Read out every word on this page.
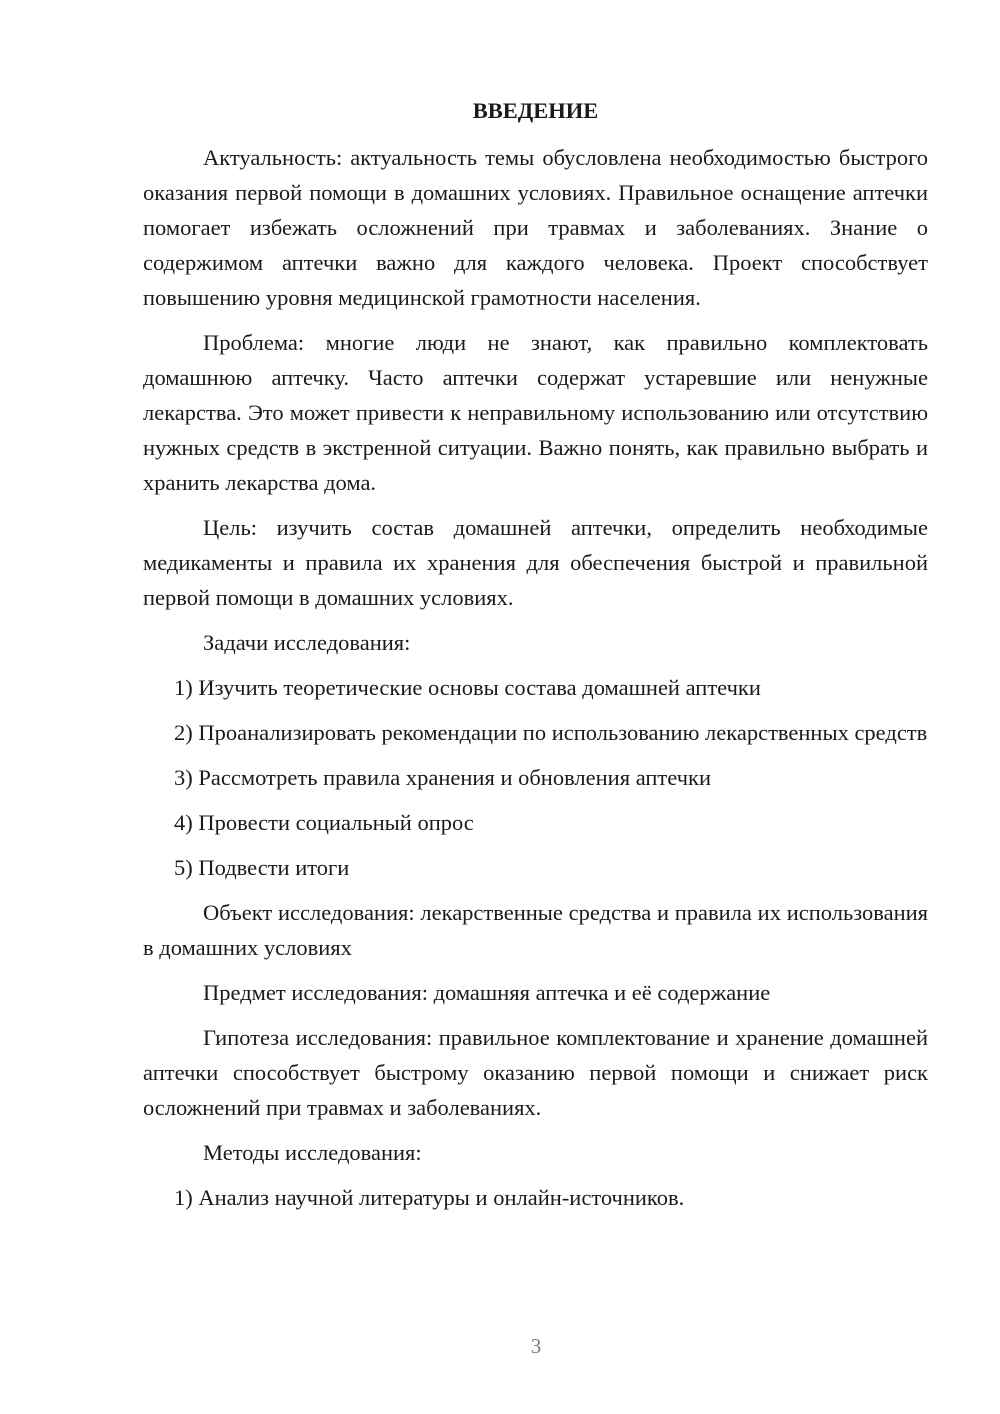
ВВЕДЕНИЕ

Актуальность: актуальность темы обусловлена необходимостью быстрого оказания первой помощи в домашних условиях. Правильное оснащение аптечки помогает избежать осложнений при травмах и заболеваниях. Знание о содержимом аптечки важно для каждого человека. Проект способствует повышению уровня медицинской грамотности населения.

Проблема: многие люди не знают, как правильно комплектовать домашнюю аптечку. Часто аптечки содержат устаревшие или ненужные лекарства. Это может привести к неправильному использованию или отсутствию нужных средств в экстренной ситуации. Важно понять, как правильно выбрать и хранить лекарства дома.

Цель: изучить состав домашней аптечки, определить необходимые медикаменты и правила их хранения для обеспечения быстрой и правильной первой помощи в домашних условиях.

Задачи исследования:

1) Изучить теоретические основы состава домашней аптечки

2) Проанализировать рекомендации по использованию лекарственных средств

3) Рассмотреть правила хранения и обновления аптечки

4) Провести социальный опрос

5) Подвести итоги

Объект исследования: лекарственные средства и правила их использования в домашних условиях

Предмет исследования: домашняя аптечка и её содержание

Гипотеза исследования: правильное комплектование и хранение домашней аптечки способствует быстрому оказанию первой помощи и снижает риск осложнений при травмах и заболеваниях.

Методы исследования:

1) Анализ научной литературы и онлайн-источников.

3
